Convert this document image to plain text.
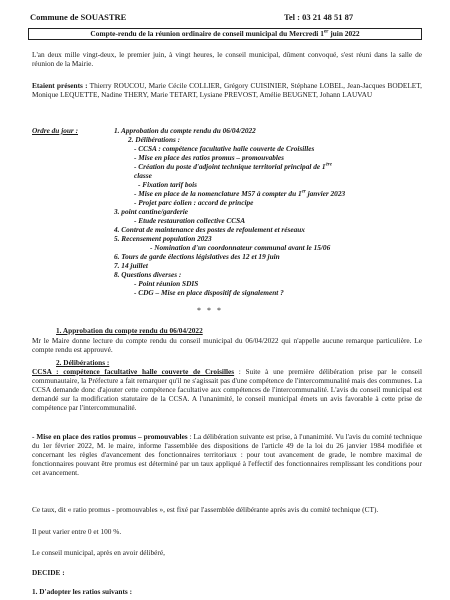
Commune de SOUASTRE	Tel : 03 21 48 51 87
Compte-rendu de la réunion ordinaire de conseil municipal du Mercredi 1er juin 2022
L'an deux mille vingt-deux, le premier juin, à vingt heures, le conseil municipal, dûment convoqué, s'est réuni dans la salle de réunion de la Mairie.
Etaient présents : Thierry ROUCOU, Marie Cécile COLLIER, Grégory CUISINIER, Stéphane LOBEL, Jean-Jacques BODELET, Monique LEQUETTE, Nadine THERY, Marie TETART, Lysiane PREVOST, Amélie BEUGNET, Johann LAUVAU
Ordre du jour :	1. Approbation du compte rendu du 06/04/2022
2. Délibérations :
- CCSA : compétence facultative halle couverte de Croisilles
- Mise en place des ratios promus – promouvables
- Création du poste d'adjoint technique territorial principal de 1ère
classe
- Fixation tarif bois
- Mise en place de la nomenclature M57 à compter du 1er janvier 2023
- Projet parc éolien : accord de principe
3. point cantine/garderie
- Etude restauration collective CCSA
4. Contrat de maintenance des postes de refoulement et réseaux
5. Recensement population 2023
- Nomination d'un coordonnateur communal avant le 15/06
6. Tours de garde élections législatives des 12 et 19 juin
7. 14 juillet
8. Questions diverses :
- Point réunion SDIS
- CDG – Mise en place dispositif de signalement ?
***
1. Approbation du compte rendu du 06/04/2022
Mr le Maire donne lecture du compte rendu du conseil municipal du 06/04/2022 qui n'appelle aucune remarque particulière. Le compte rendu est approuvé.
2. Délibérations :
CCSA : compétence facultative halle couverte de Croisilles : Suite à une première délibération prise par le conseil communautaire, la Préfecture a fait remarquer qu'il ne s'agissait pas d'une compétence de l'intercommunalité mais des communes. La CCSA demande donc d'ajouter cette compétence facultative aux compétences de l'intercommunalité. L'avis du conseil municipal est demandé sur la modification statutaire de la CCSA. A l'unanimité, le conseil municipal émets un avis favorable à cette prise de compétence par l'intercommunalité.
- Mise en place des ratios promus – promouvables : La délibération suivante est prise, à l'unanimité. Vu l'avis du comité technique du 1er février 2022, M. le maire, informe l'assemblée des dispositions de l'article 49 de la loi du 26 janvier 1984 modifiée et concernant les règles d'avancement des fonctionnaires territoriaux : pour tout avancement de grade, le nombre maximal de fonctionnaires pouvant être promus est déterminé par un taux appliqué à l'effectif des fonctionnaires remplissant les conditions pour cet avancement.
Ce taux, dit « ratio promus - promouvables », est fixé par l'assemblée délibérante après avis du comité technique (CT).
Il peut varier entre 0 et 100 %.
Le conseil municipal, après en avoir délibéré,
DECIDE :
1. D'adopter les ratios suivants :
